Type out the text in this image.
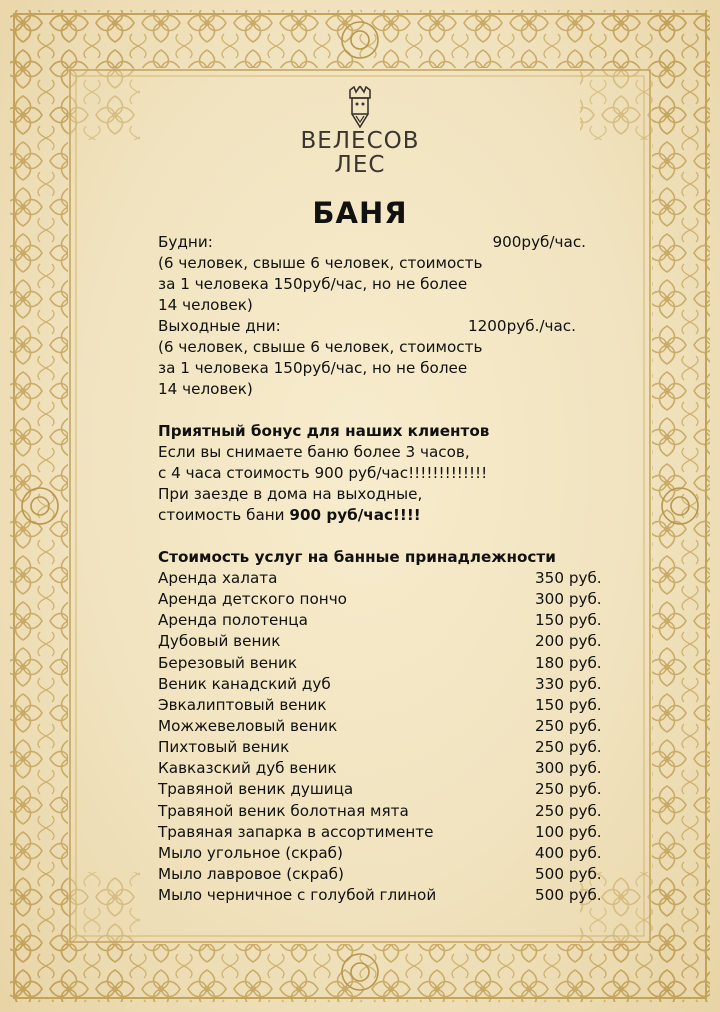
ВЕЛЕСОВ
ЛЕС
БАНЯ
Будни:	900руб/час.
(6 человек, свыше 6 человек, стоимость
за 1 человека 150руб/час, но не более
14 человек)
Выходные дни:	1200руб./час.
(6 человек, свыше 6 человек, стоимость
за 1 человека 150руб/час, но не более
14 человек)
Приятный бонус для наших клиентов
Если вы снимаете баню более 3 часов,
с 4 часа стоимость 900 руб/час!!!!!!!!!!!!!
При заезде в дома на выходные,
стоимость бани 900 руб/час!!!!
Стоимость услуг на банные принадлежности
Аренда халата	350 руб.
Аренда детского пончо	300 руб.
Аренда полотенца	150 руб.
Дубовый веник	200 руб.
Березовый веник	180 руб.
Веник канадский дуб	330 руб.
Эвкалиптовый веник	150 руб.
Можжевеловый веник	250 руб.
Пихтовый веник	250 руб.
Кавказский дуб веник	300 руб.
Травяной веник душица	250 руб.
Травяной веник болотная мята	250 руб.
Травяная запарка в ассортименте	100 руб.
Мыло угольное (скраб)	400 руб.
Мыло лавровое (скраб)	500 руб.
Мыло черничное с голубой глиной	500 руб.
